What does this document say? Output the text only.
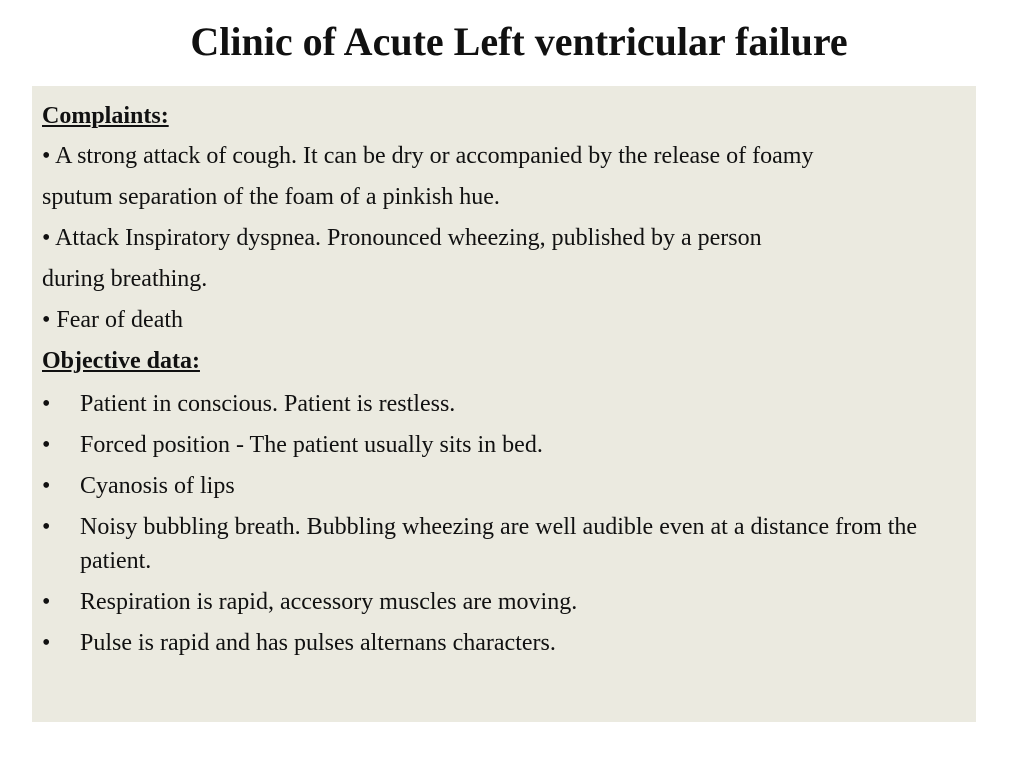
Clinic of Acute Left ventricular failure
Complaints:
• A strong attack of cough. It can be dry or accompanied by the release of foamy
sputum separation of the foam of a pinkish hue.
• Attack Inspiratory dyspnea. Pronounced wheezing, published by a person
during breathing.
• Fear of death
Objective data:
• Patient in conscious. Patient is restless.
• Forced position - The patient usually sits in bed.
• Cyanosis of lips
• Noisy bubbling breath. Bubbling wheezing are well audible even at a distance from the patient.
• Respiration is rapid, accessory muscles are moving.
• Pulse is rapid and has pulses alternans characters.
